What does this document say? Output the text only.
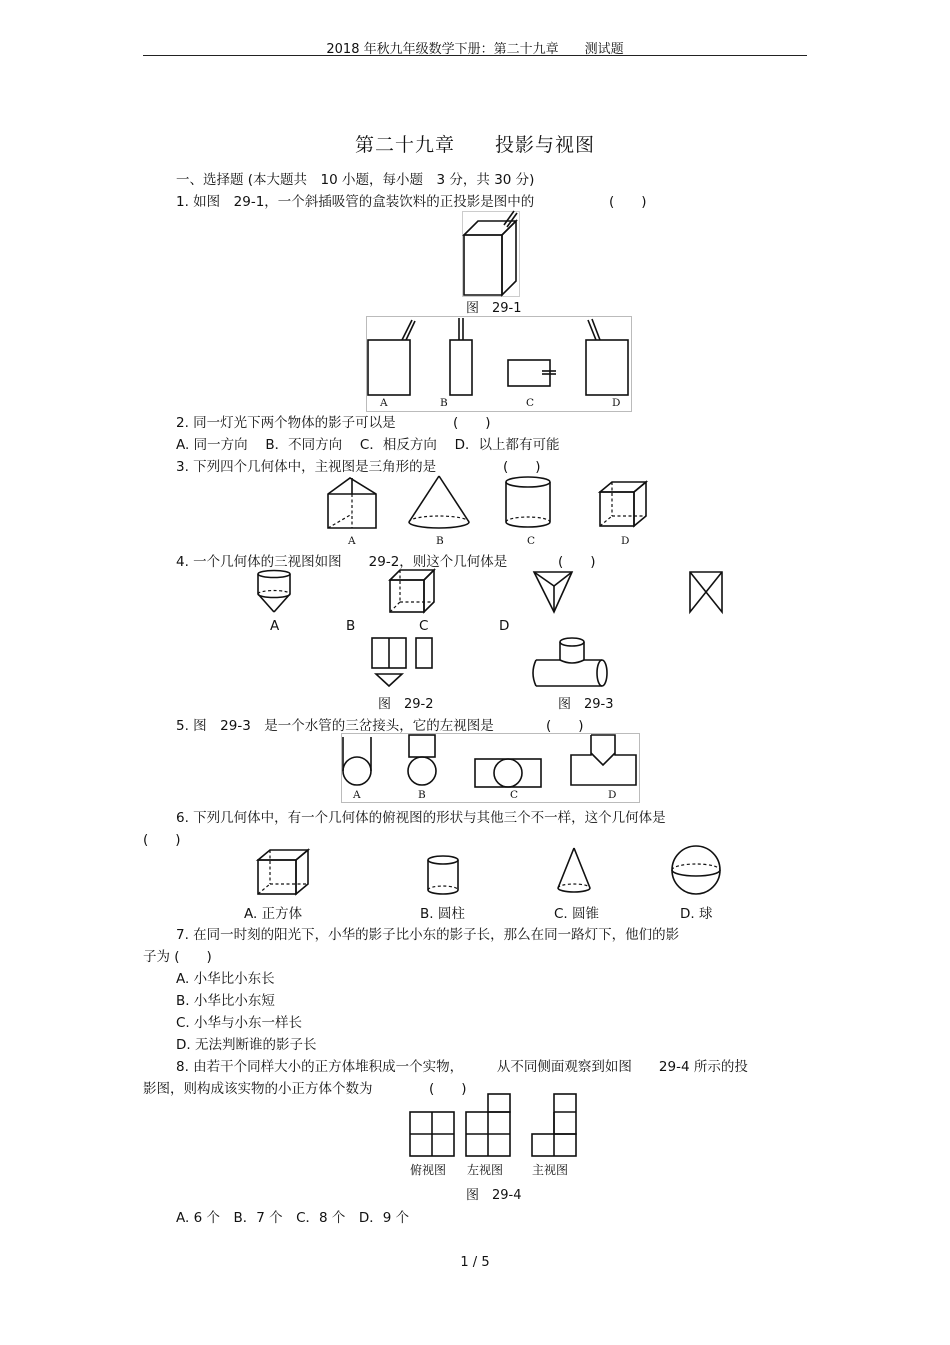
2018 年秋九年级数学下册：第二十九章　　测试题
第二十九章　　投影与视图
一、选择题 (本大题共　10 小题，每小题　3 分，共 30 分)
1. 如图　29-1，一个斜插吸管的盒装饮料的正投影是图中的	(　　)
图　29-1
A	B	C	D
2. 同一灯光下两个物体的影子可以是	(　　)
A. 同一方向　 B．不同方向　 C．相反方向　 D．以上都有可能
3. 下列四个几何体中，主视图是三角形的是	(　　)
A	B	C	D
4. 一个几何体的三视图如图　　29-2，则这个几何体是	(　　)
A	B	C	D
图　29-2	图　29-3
5. 图　29-3　是一个水管的三岔接头，它的左视图是	(　　)
A	B	C	D
6. 下列几何体中，有一个几何体的俯视图的形状与其他三个不一样，这个几何体是
(　　)
A. 正方体	B. 圆柱	C. 圆锥	D. 球
7. 在同一时刻的阳光下，小华的影子比小东的影子长，那么在同一路灯下，他们的影
子为 (　　)
A. 小华比小东长
B. 小华比小东短
C. 小华与小东一样长
D. 无法判断谁的影子长
8. 由若干个同样大小的正方体堆积成一个实物，　　　从不同侧面观察到如图　　29-4 所示的投
影图，则构成该实物的小正方体个数为	(　　)
俯视图 左视图 主视图
图　29-4
A. 6 个　B．7 个　C．8 个　D．9 个
1 / 5
